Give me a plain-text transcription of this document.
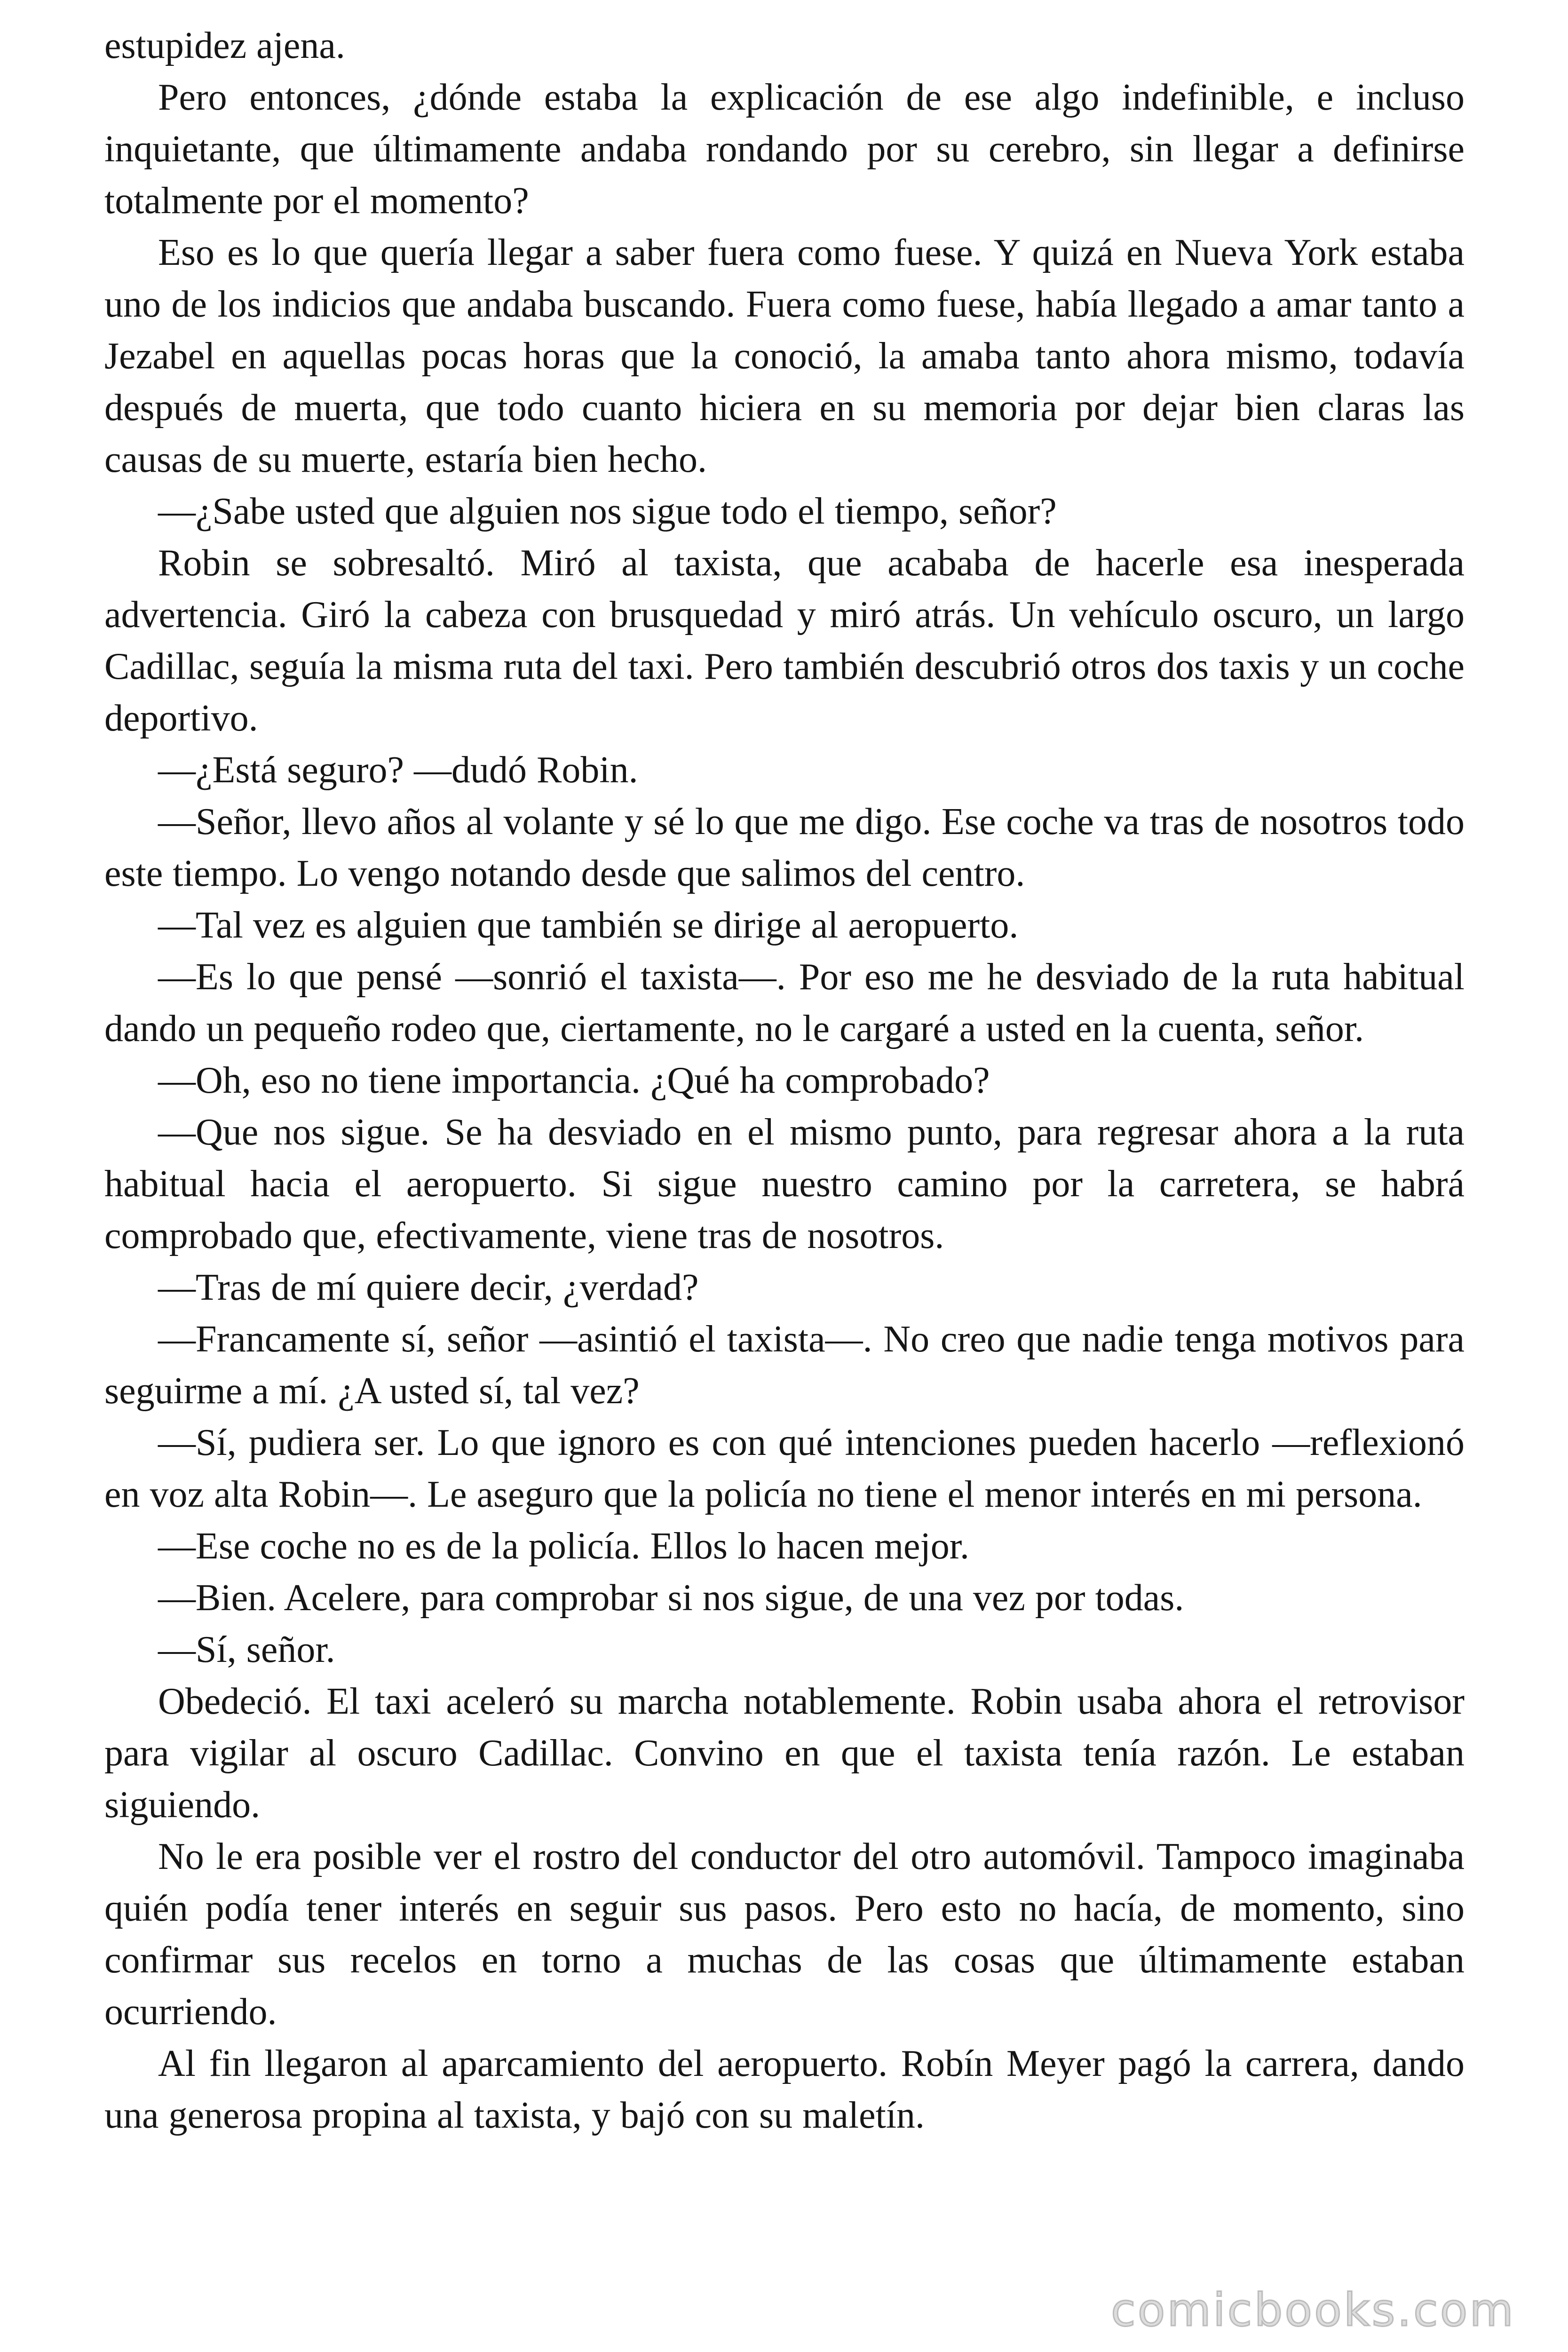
estupidez ajena.

Pero entonces, ¿dónde estaba la explicación de ese algo indefinible, e incluso inquietante, que últimamente andaba rondando por su cerebro, sin llegar a definirse totalmente por el momento?

Eso es lo que quería llegar a saber fuera como fuese. Y quizá en Nueva York estaba uno de los indicios que andaba buscando. Fuera como fuese, había llegado a amar tanto a Jezabel en aquellas pocas horas que la conoció, la amaba tanto ahora mismo, todavía después de muerta, que todo cuanto hiciera en su memoria por dejar bien claras las causas de su muerte, estaría bien hecho.

—¿Sabe usted que alguien nos sigue todo el tiempo, señor?

Robin se sobresaltó. Miró al taxista, que acababa de hacerle esa inesperada advertencia. Giró la cabeza con brusquedad y miró atrás. Un vehículo oscuro, un largo Cadillac, seguía la misma ruta del taxi. Pero también descubrió otros dos taxis y un coche deportivo.

—¿Está seguro? —dudó Robin.

—Señor, llevo años al volante y sé lo que me digo. Ese coche va tras de nosotros todo este tiempo. Lo vengo notando desde que salimos del centro.

—Tal vez es alguien que también se dirige al aeropuerto.

—Es lo que pensé —sonrió el taxista—. Por eso me he desviado de la ruta habitual dando un pequeño rodeo que, ciertamente, no le cargaré a usted en la cuenta, señor.

—Oh, eso no tiene importancia. ¿Qué ha comprobado?

—Que nos sigue. Se ha desviado en el mismo punto, para regresar ahora a la ruta habitual hacia el aeropuerto. Si sigue nuestro camino por la carretera, se habrá comprobado que, efectivamente, viene tras de nosotros.

—Tras de mí quiere decir, ¿verdad?

—Francamente sí, señor —asintió el taxista—. No creo que nadie tenga motivos para seguirme a mí. ¿A usted sí, tal vez?

—Sí, pudiera ser. Lo que ignoro es con qué intenciones pueden hacerlo —reflexionó en voz alta Robin—. Le aseguro que la policía no tiene el menor interés en mi persona.

—Ese coche no es de la policía. Ellos lo hacen mejor.

—Bien. Acelere, para comprobar si nos sigue, de una vez por todas.

—Sí, señor.

Obedeció. El taxi aceleró su marcha notablemente. Robin usaba ahora el retrovisor para vigilar al oscuro Cadillac. Convino en que el taxista tenía razón. Le estaban siguiendo.

No le era posible ver el rostro del conductor del otro automóvil. Tampoco imaginaba quién podía tener interés en seguir sus pasos. Pero esto no hacía, de momento, sino confirmar sus recelos en torno a muchas de las cosas que últimamente estaban ocurriendo.

Al fin llegaron al aparcamiento del aeropuerto. Robín Meyer pagó la carrera, dando una generosa propina al taxista, y bajó con su maletín.

comicbooks.com
